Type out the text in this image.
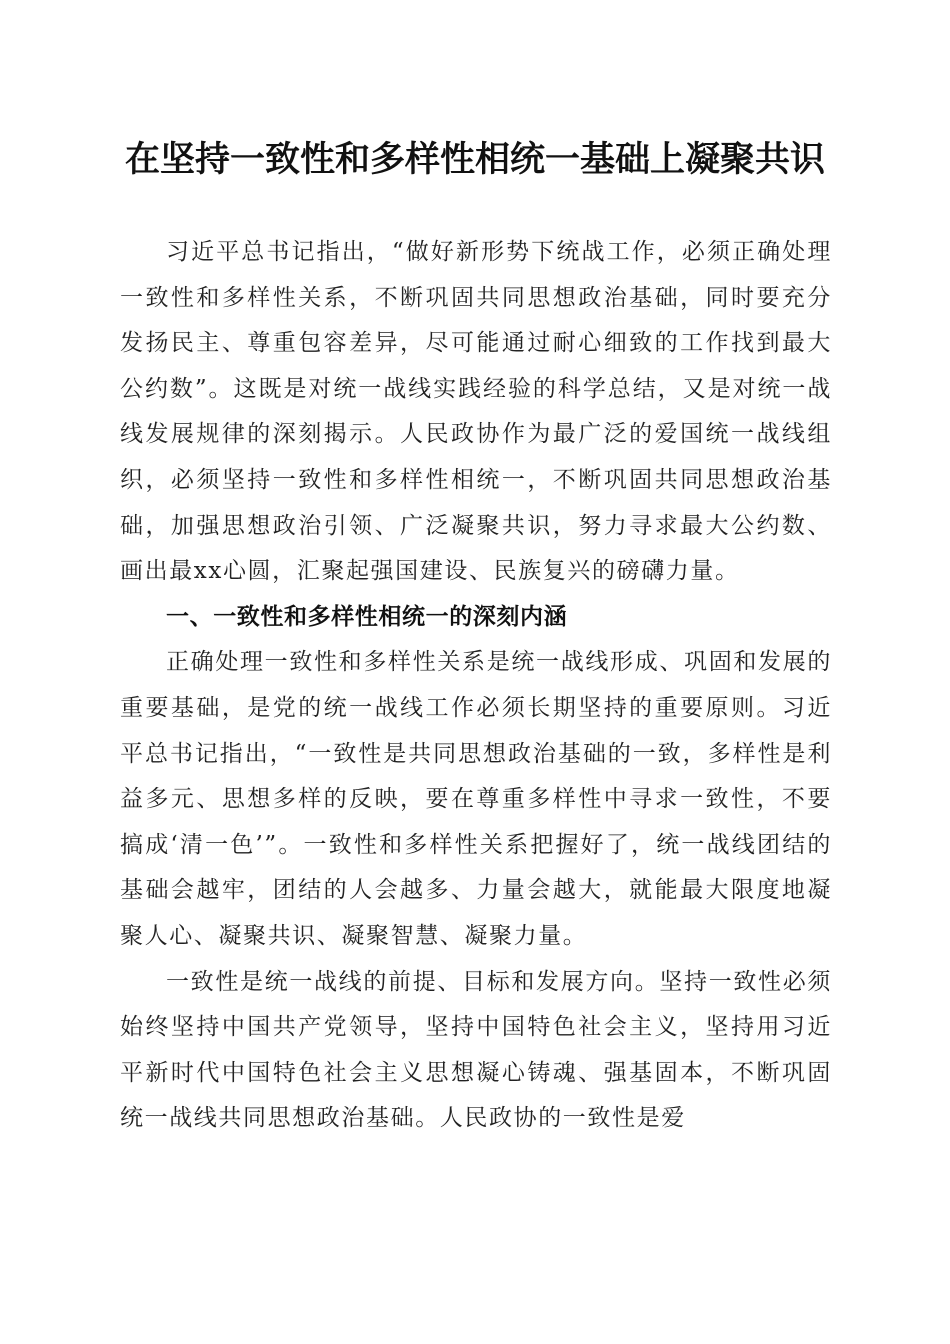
在坚持一致性和多样性相统一基础上凝聚共识

习近平总书记指出，“做好新形势下统战工作，必须正确处理一致性和多样性关系，不断巩固共同思想政治基础，同时要充分发扬民主、尊重包容差异，尽可能通过耐心细致的工作找到最大公约数”。这既是对统一战线实践经验的科学总结，又是对统一战线发展规律的深刻揭示。人民政协作为最广泛的爱国统一战线组织，必须坚持一致性和多样性相统一，不断巩固共同思想政治基础，加强思想政治引领、广泛凝聚共识，努力寻求最大公约数、画出最xx心圆，汇聚起强国建设、民族复兴的磅礴力量。

一、一致性和多样性相统一的深刻内涵

正确处理一致性和多样性关系是统一战线形成、巩固和发展的重要基础，是党的统一战线工作必须长期坚持的重要原则。习近平总书记指出，“一致性是共同思想政治基础的一致，多样性是利益多元、思想多样的反映，要在尊重多样性中寻求一致性，不要搞成‘清一色’”。一致性和多样性关系把握好了，统一战线团结的基础会越牢，团结的人会越多、力量会越大，就能最大限度地凝聚人心、凝聚共识、凝聚智慧、凝聚力量。

一致性是统一战线的前提、目标和发展方向。坚持一致性必须始终坚持中国共产党领导，坚持中国特色社会主义，坚持用习近平新时代中国特色社会主义思想凝心铸魂、强基固本，不断巩固统一战线共同思想政治基础。人民政协的一致性是爱
